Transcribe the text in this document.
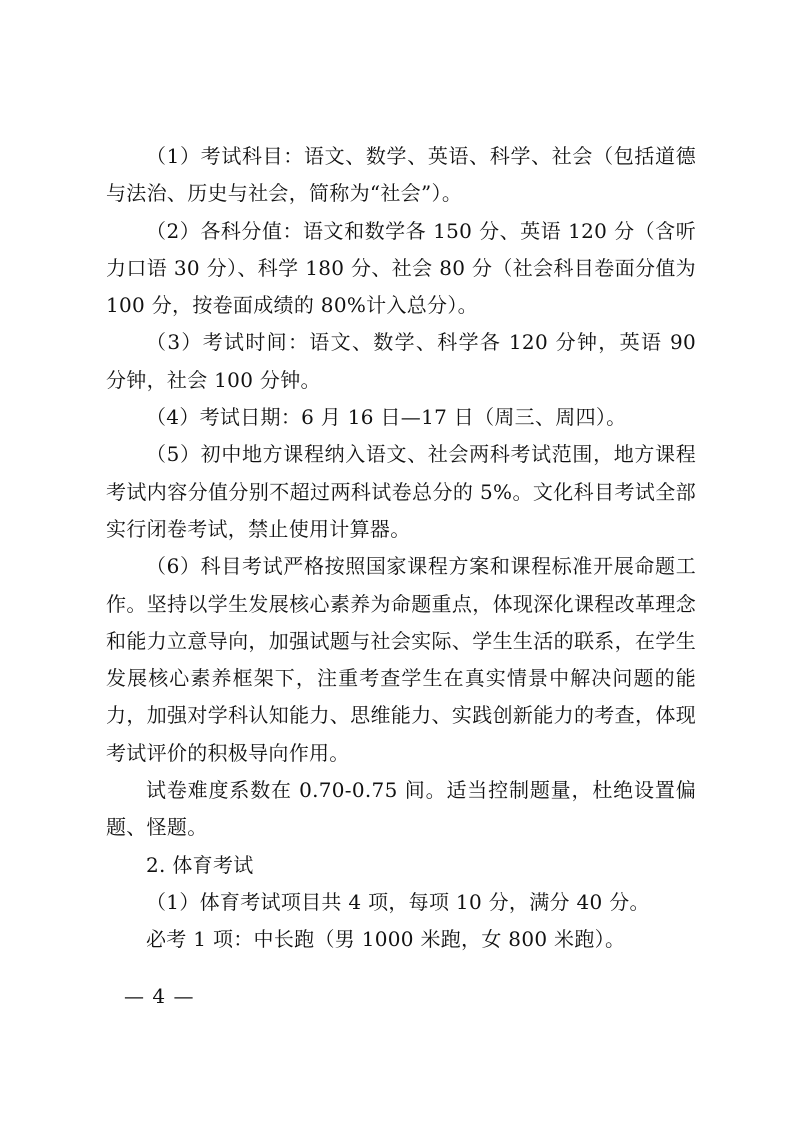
（1）考试科目：语文、数学、英语、科学、社会（包括道德与法治、历史与社会，简称为“社会”）。

（2）各科分值：语文和数学各 150 分、英语 120 分（含听力口语 30 分）、科学 180 分、社会 80 分（社会科目卷面分值为 100 分，按卷面成绩的 80%计入总分）。

（3）考试时间：语文、数学、科学各 120 分钟，英语 90 分钟，社会 100 分钟。

（4）考试日期：6 月 16 日—17 日（周三、周四）。

（5）初中地方课程纳入语文、社会两科考试范围，地方课程考试内容分值分别不超过两科试卷总分的 5%。文化科目考试全部实行闭卷考试，禁止使用计算器。

（6）科目考试严格按照国家课程方案和课程标准开展命题工作。坚持以学生发展核心素养为命题重点，体现深化课程改革理念和能力立意导向，加强试题与社会实际、学生生活的联系，在学生发展核心素养框架下，注重考查学生在真实情景中解决问题的能力，加强对学科认知能力、思维能力、实践创新能力的考查，体现考试评价的积极导向作用。

试卷难度系数在 0.70-0.75 间。适当控制题量，杜绝设置偏题、怪题。

2. 体育考试

（1）体育考试项目共 4 项，每项 10 分，满分 40 分。

必考 1 项：中长跑（男 1000 米跑，女 800 米跑）。

— 4 —
